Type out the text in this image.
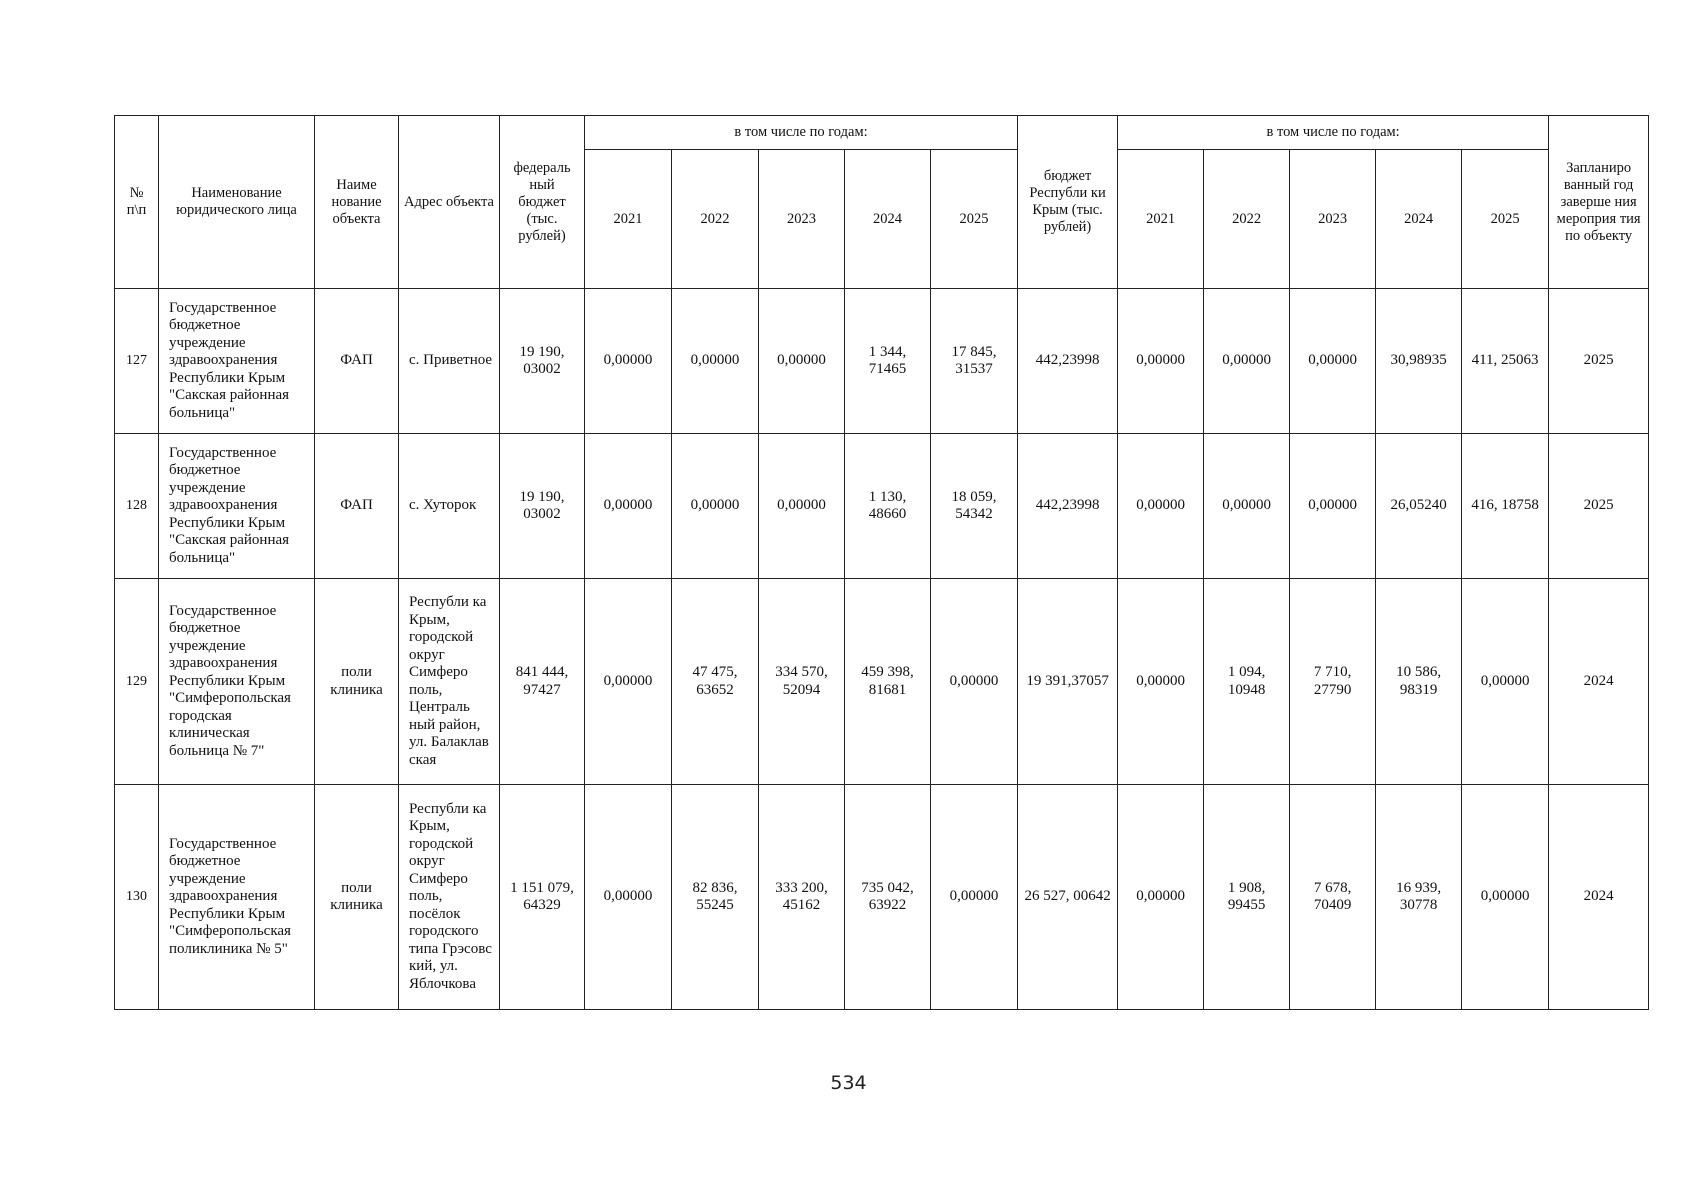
№ п\п	Наименование юридического лица	Наиме нование объекта	Адрес объекта	федераль ный бюджет (тыс. рублей)	в том числе по годам:					бюджет Республи ки Крым (тыс. рублей)	в том числе по годам:					Запланиро ванный год заверше ния мероприя тия по объекту
					2021	2022	2023	2024	2025		2021	2022	2023	2024	2025	
127	Государственное бюджетное учреждение здравоохранения Республики Крым "Сакская районная больница"	ФАП	с. Приветное	19 190, 03002	0,00000	0,00000	0,00000	1 344, 71465	17 845, 31537	442,23998	0,00000	0,00000	0,00000	30,98935	411, 25063	2025
128	Государственное бюджетное учреждение здравоохранения Республики Крым "Сакская районная больница"	ФАП	с. Хуторок	19 190, 03002	0,00000	0,00000	0,00000	1 130, 48660	18 059, 54342	442,23998	0,00000	0,00000	0,00000	26,05240	416, 18758	2025
129	Государственное бюджетное учреждение здравоохранения Республики Крым "Симферопольская городская клиническая больница № 7"	поли клиника	Республи ка Крым, городской округ Симферо поль, Централь ный район, ул. Балаклав ская	841 444, 97427	0,00000	47 475, 63652	334 570, 52094	459 398, 81681	0,00000	19 391,37057	0,00000	1 094, 10948	7 710, 27790	10 586, 98319	0,00000	2024
130	Государственное бюджетное учреждение здравоохранения Республики Крым "Симферопольская поликлиника № 5"	поли клиника	Республи ка Крым, городской округ Симферо поль, посёлок городского типа Грэсовс кий, ул. Яблочкова	1 151 079, 64329	0,00000	82 836, 55245	333 200, 45162	735 042, 63922	0,00000	26 527, 00642	0,00000	1 908, 99455	7 678, 70409	16 939, 30778	0,00000	2024
534
